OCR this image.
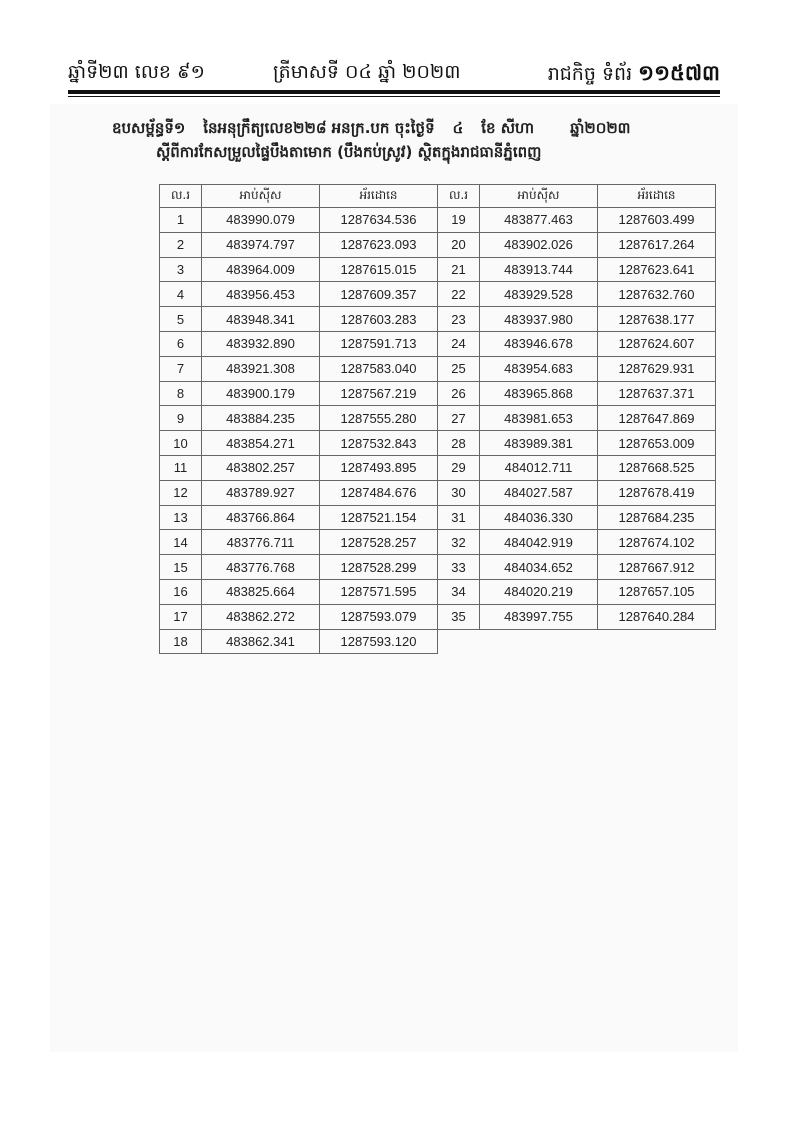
ឆ្នាំទី២៣ លេខ ៩១	ត្រីមាសទី ០៤ ឆ្នាំ ២០២៣	រាជកិច្ច ទំព័រ ១១៥៧៣
ឧបសម្ព័ន្ធទី១ នៃអនុក្រឹត្យលេខ២២៨ អនក្រ.បក ចុះថ្ងៃទី ៤ ខែ សីហា ឆ្នាំ២០២៣
ស្តីពីការកែសម្រួលផ្ទៃបឹងតាមោក (បឹងកប់ស្រូវ) ស្ថិតក្នុងរាជធានីភ្នំពេញ
ល.រ	អាប់ស៊ីស	អ័រដោនេ	ល.រ	អាប់ស៊ីស	អ័រដោនេ
1	483990.079	1287634.536	19	483877.463	1287603.499
2	483974.797	1287623.093	20	483902.026	1287617.264
3	483964.009	1287615.015	21	483913.744	1287623.641
4	483956.453	1287609.357	22	483929.528	1287632.760
5	483948.341	1287603.283	23	483937.980	1287638.177
6	483932.890	1287591.713	24	483946.678	1287624.607
7	483921.308	1287583.040	25	483954.683	1287629.931
8	483900.179	1287567.219	26	483965.868	1287637.371
9	483884.235	1287555.280	27	483981.653	1287647.869
10	483854.271	1287532.843	28	483989.381	1287653.009
11	483802.257	1287493.895	29	484012.711	1287668.525
12	483789.927	1287484.676	30	484027.587	1287678.419
13	483766.864	1287521.154	31	484036.330	1287684.235
14	483776.711	1287528.257	32	484042.919	1287674.102
15	483776.768	1287528.299	33	484034.652	1287667.912
16	483825.664	1287571.595	34	484020.219	1287657.105
17	483862.272	1287593.079	35	483997.755	1287640.284
18	483862.341	1287593.120			
